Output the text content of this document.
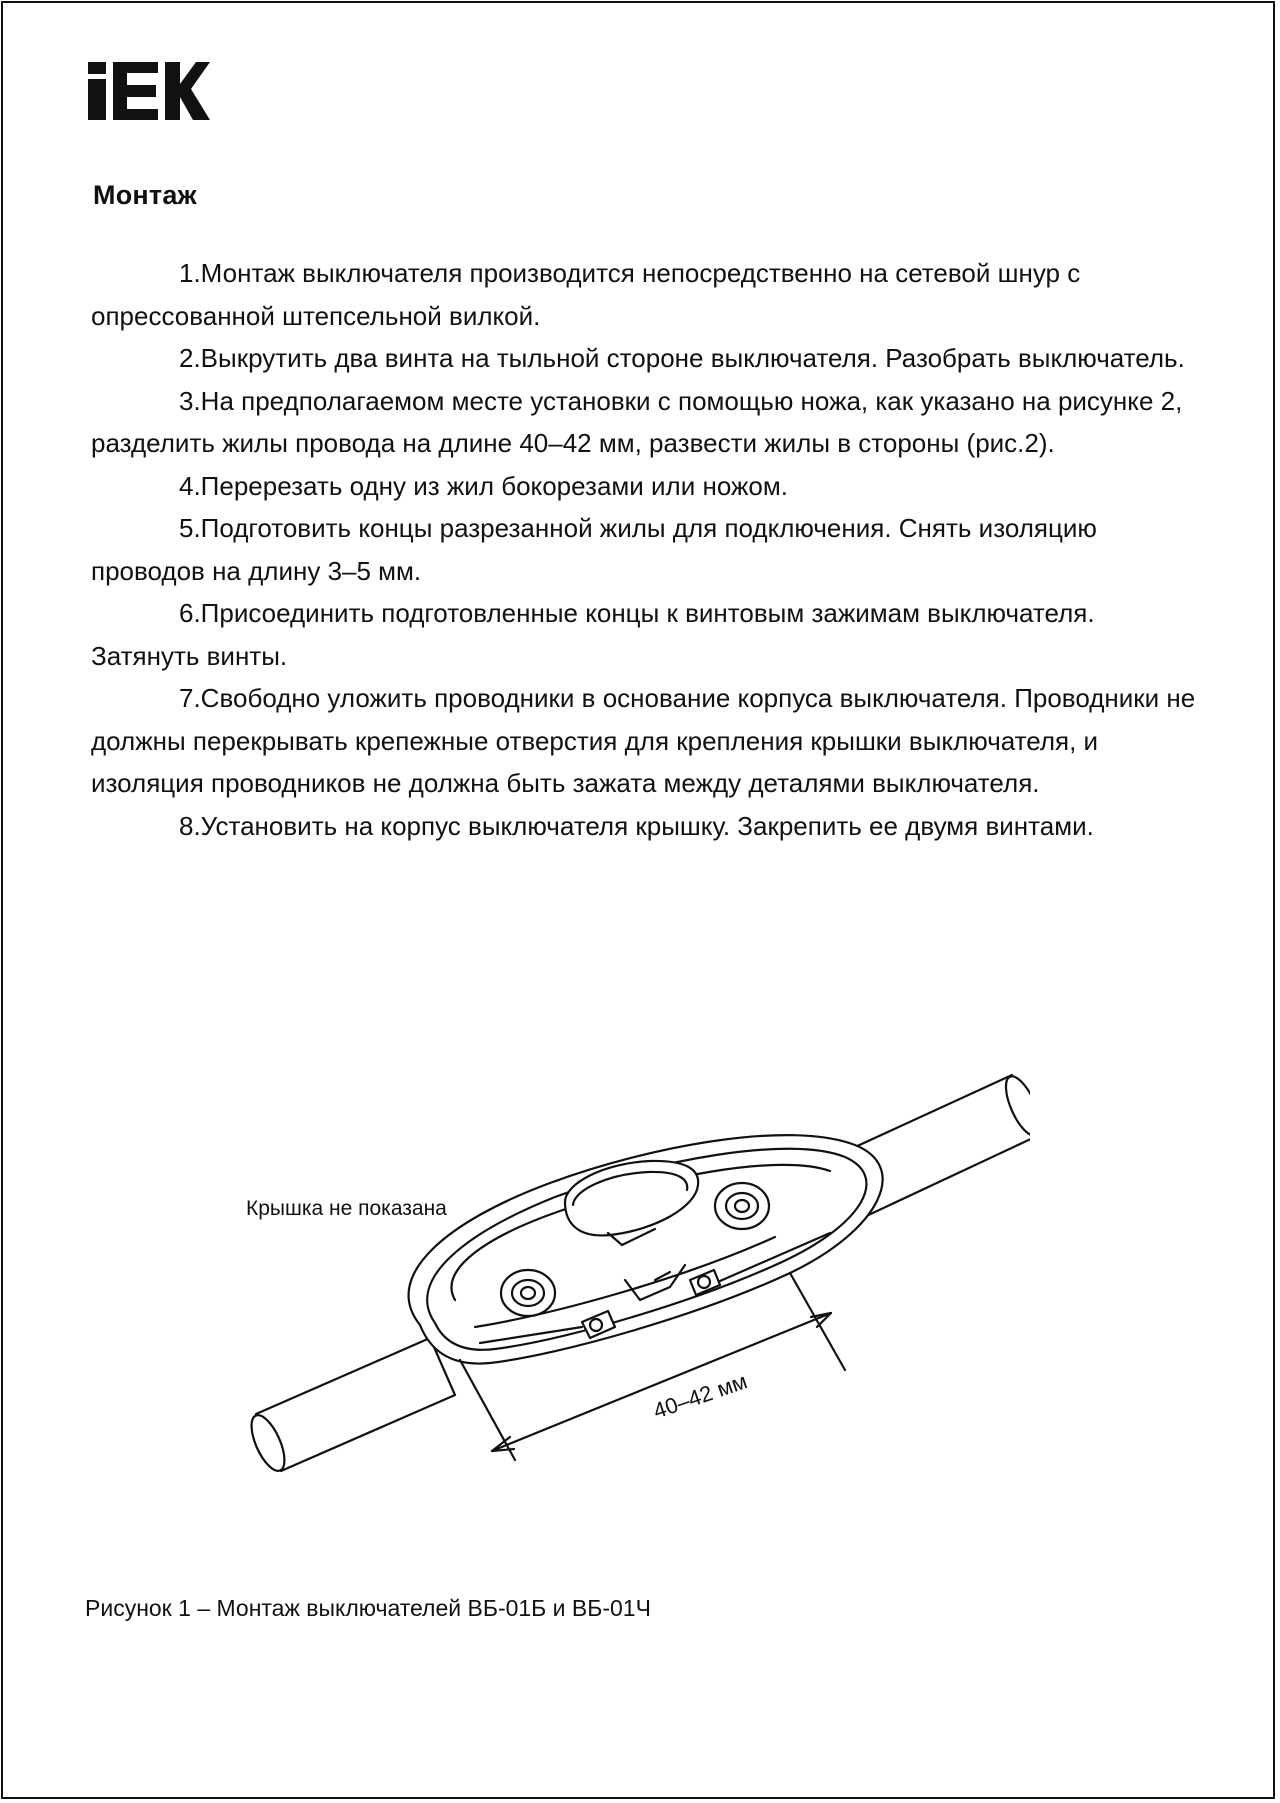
Монтаж
1.Монтаж выключателя производится непосредственно на сетевой шнур с опрессованной штепсельной вилкой.
2.Выкрутить два винта на тыльной стороне выключателя. Разобрать выключатель.
3.На предполагаемом месте установки с помощью ножа, как указано на рисунке 2, разделить жилы провода на длине 40–42 мм, развести жилы в стороны (рис.2).
4.Перерезать одну из жил бокорезами или ножом.
5.Подготовить концы разрезанной жилы для подключения. Снять изоляцию проводов на длину 3–5 мм.
6.Присоединить подготовленные концы к винтовым зажимам выключателя. Затянуть винты.
7.Свободно уложить проводники в основание корпуса выключателя. Проводники не должны перекрывать крепежные отверстия для крепления крышки выключателя, и изоляция проводников не должна быть зажата между деталями выключателя.
8.Установить на корпус выключателя крышку. Закрепить ее двумя винтами.

Крышка не показана

40–42 мм

Рисунок 1 – Монтаж выключателей ВБ-01Б и ВБ-01Ч
